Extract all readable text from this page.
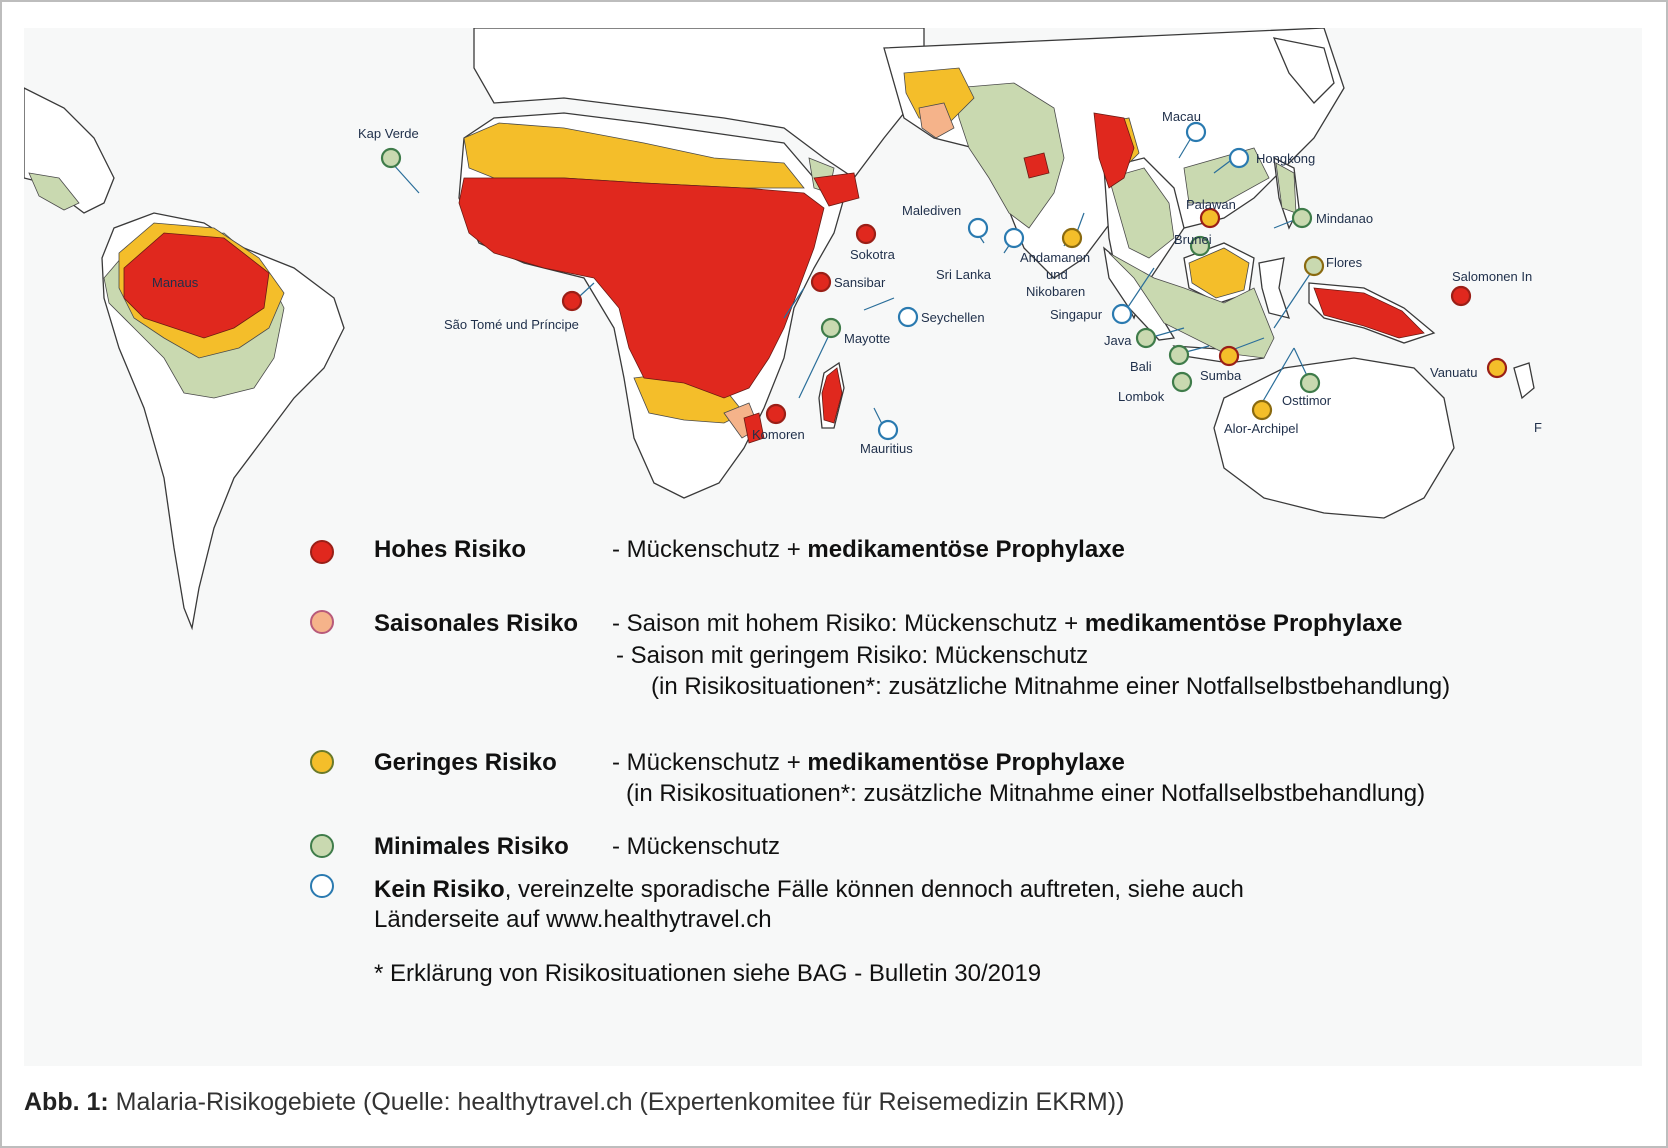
Kap Verde
Manaus
São Tomé und Príncipe
Sokotra
Sansibar
Seychellen
Mayotte
Komoren
Mauritius
Malediven
Sri Lanka
Andamanen
und
Nikobaren
Singapur
Java
Bali
Lombok
Sumba
Alor-Archipel
Osttimor
Flores
Mindanao
Palawan
Brunei
Macau
Hongkong
Salomonen In
Vanuatu
F
Hohes Risiko	- Mückenschutz + medikamentöse Prophylaxe
Saisonales Risiko - Saison mit hohem Risiko: Mückenschutz + medikamentöse Prophylaxe
- Saison mit geringem Risiko: Mückenschutz
(in Risikosituationen*: zusätzliche Mitnahme einer Notfallselbstbehandlung)
Geringes Risiko - Mückenschutz + medikamentöse Prophylaxe
(in Risikosituationen*: zusätzliche Mitnahme einer Notfallselbstbehandlung)
Minimales Risiko - Mückenschutz
Kein Risiko, vereinzelte sporadische Fälle können dennoch auftreten, siehe auch
Länderseite auf www.healthytravel.ch
* Erklärung von Risikosituationen siehe BAG - Bulletin 30/2019
Abb. 1: Malaria-Risikogebiete (Quelle: healthytravel.ch (Expertenkomitee für Reisemedizin EKRM))
